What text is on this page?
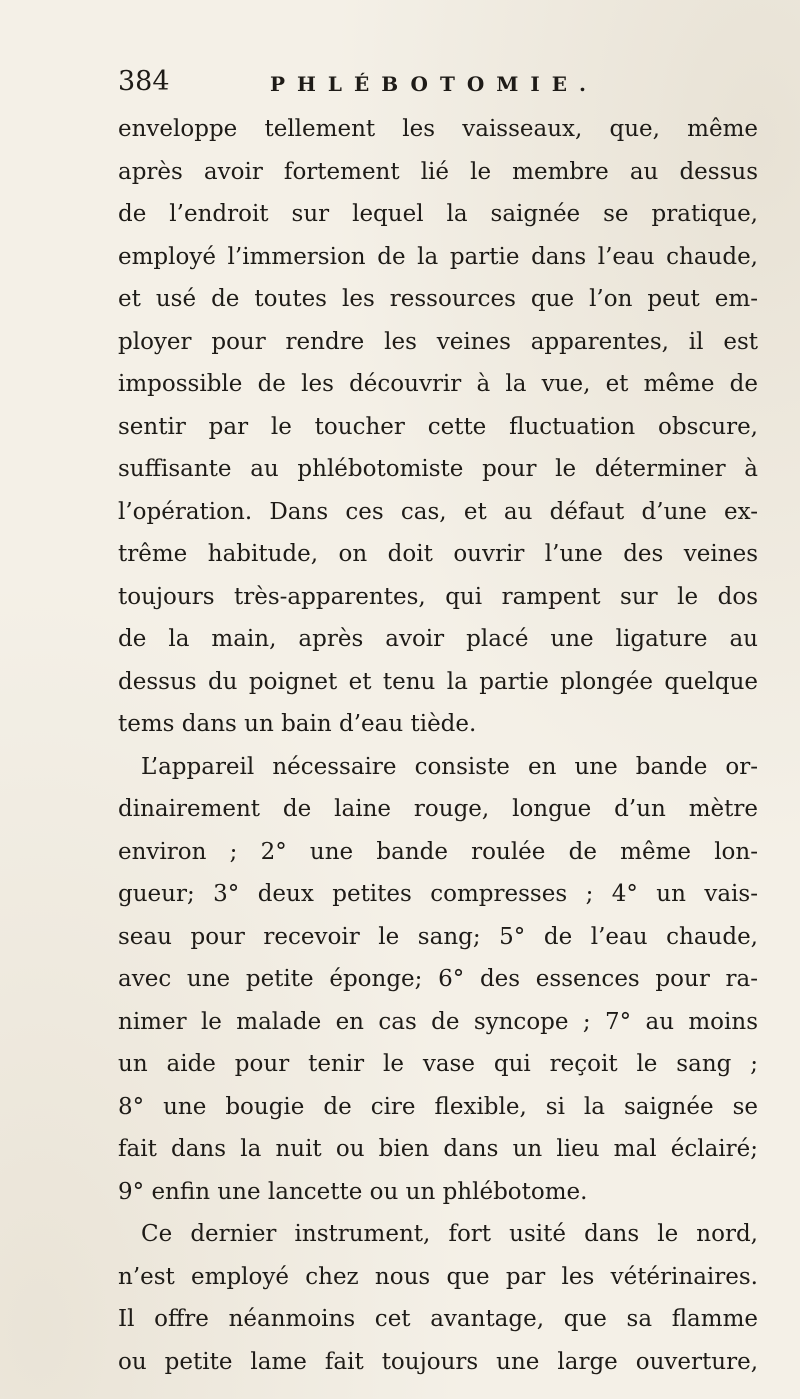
384	PHLÉBOTOMIE.
enveloppe tellement les vaisseaux, que, même
après avoir fortement lié le membre au dessus
de l’endroit sur lequel la saignée se pratique,
employé l’immersion de la partie dans l’eau chaude,
et usé de toutes les ressources que l’on peut em-
ployer pour rendre les veines apparentes, il est
impossible de les découvrir à la vue, et même de
sentir par le toucher cette fluctuation obscure,
suffisante au phlébotomiste pour le déterminer à
l’opération. Dans ces cas, et au défaut d’une ex-
trême habitude, on doit ouvrir l’une des veines
toujours très-apparentes, qui rampent sur le dos
de la main, après avoir placé une ligature au
dessus du poignet et tenu la partie plongée quelque
tems dans un bain d’eau tiède.
L’appareil nécessaire consiste en une bande or-
dinairement de laine rouge, longue d’un mètre
environ ; 2° une bande roulée de même lon-
gueur; 3° deux petites compresses ; 4° un vais-
seau pour recevoir le sang; 5° de l’eau chaude,
avec une petite éponge; 6° des essences pour ra-
nimer le malade en cas de syncope ; 7° au moins
un aide pour tenir le vase qui reçoit le sang ;
8° une bougie de cire flexible, si la saignée se
fait dans la nuit ou bien dans un lieu mal éclairé;
9° enfin une lancette ou un phlébotome.
Ce dernier instrument, fort usité dans le nord,
n’est employé chez nous que par les vétérinaires.
Il offre néanmoins cet avantage, que sa flamme
ou petite lame fait toujours une large ouverture,
